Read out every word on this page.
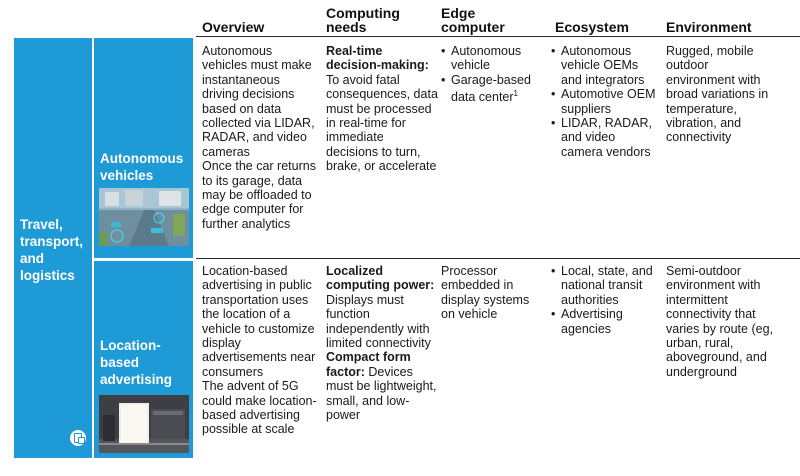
Overview
Computing
needs
Edge
computer	Ecosystem	Environment
Travel,
transport,
and
logistics
Autonomous
vehicles

Autonomous vehicles must make instantaneous driving decisions based on data collected via LIDAR, RADAR, and video cameras

Once the car returns to its garage, data may be offloaded to edge computer for further analytics

Real-time decision-making:
To avoid fatal consequences, data must be processed in real-time for immediate decisions to turn, brake, or accelerate

• Autonomous vehicle

• Garage-based data center$^1$

• Autonomous vehicle OEMs and integrators

• Automotive OEM suppliers

• LIDAR, RADAR, and video camera vendors

Rugged, mobile outdoor environment with broad variations in temperature, vibration, and connectivity

Location-
based
advertising

Location-based advertising in public transportation uses the location of a vehicle to customize display advertisements near consumers

The advent of 5G could make location-based advertising possible at scale

Localized computing power: Displays must function independently with limited connectivity

Compact form factor: Devices must be lightweight, small, and low-power

Processor embedded in display systems on vehicle

• Local, state, and national transit authorities

• Advertising agencies

Semi-outdoor environment with intermittent connectivity that varies by route (eg, urban, rural, aboveground, and underground
